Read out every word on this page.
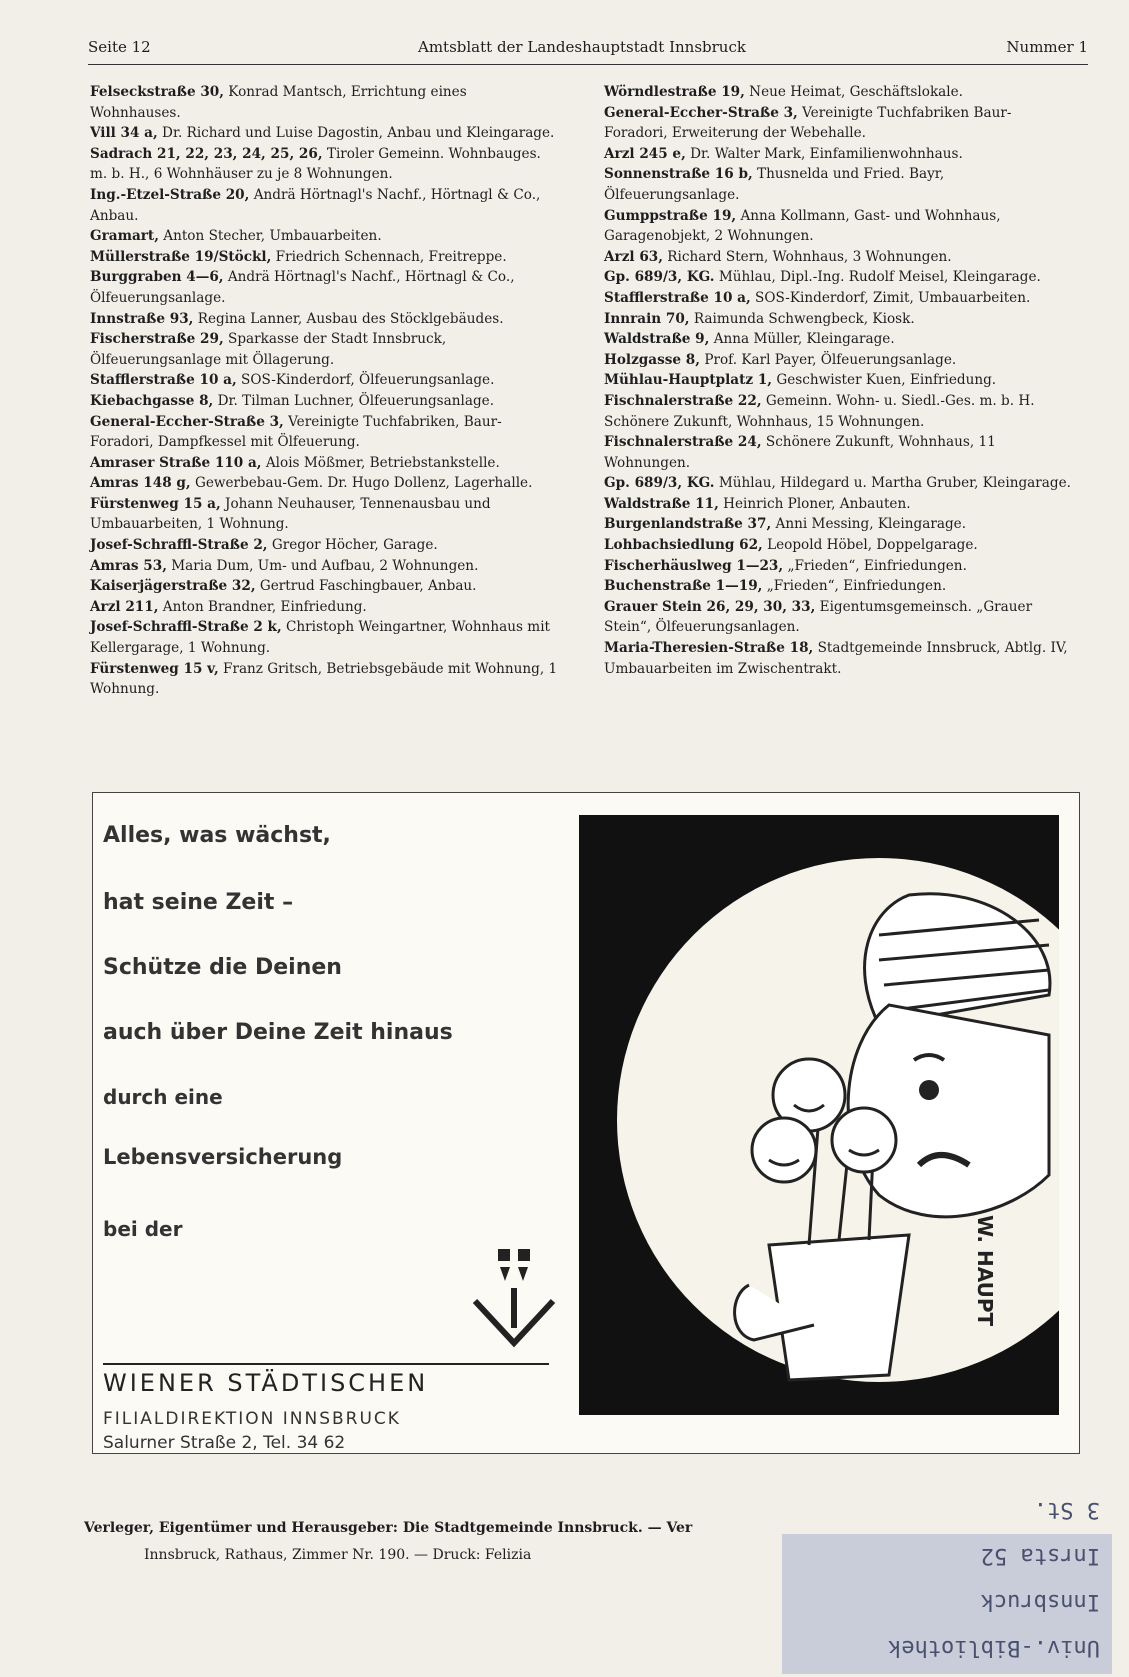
Seite 12	Amtsblatt der Landeshauptstadt Innsbruck	Nummer 1

Felseckstraße 30, Konrad Mantsch, Errichtung eines Wohnhauses.

Vill 34 a, Dr. Richard und Luise Dagostin, Anbau und Kleingarage.

Sadrach 21, 22, 23, 24, 25, 26, Tiroler Gemeinn. Wohnbauges. m. b. H., 6 Wohnhäuser zu je 8 Wohnungen.

Ing.-Etzel-Straße 20, Andrä Hörtnagl's Nachf., Hörtnagl & Co., Anbau.

Gramart, Anton Stecher, Umbauarbeiten.

Müllerstraße 19/Stöckl, Friedrich Schennach, Freitreppe.

Burggraben 4—6, Andrä Hörtnagl's Nachf., Hörtnagl & Co., Ölfeuerungsanlage.

Innstraße 93, Regina Lanner, Ausbau des Stöcklgebäudes.

Fischerstraße 29, Sparkasse der Stadt Innsbruck, Ölfeuerungsanlage mit Öllagerung.

Stafflerstraße 10 a, SOS-Kinderdorf, Ölfeuerungsanlage.

Kiebachgasse 8, Dr. Tilman Luchner, Ölfeuerungsanlage.

General-Eccher-Straße 3, Vereinigte Tuchfabriken, Baur-Foradori, Dampfkessel mit Ölfeuerung.

Amraser Straße 110 a, Alois Mößmer, Betriebstankstelle.

Amras 148 g, Gewerbebau-Gem. Dr. Hugo Dollenz, Lagerhalle.

Fürstenweg 15 a, Johann Neuhauser, Tennenausbau und Umbauarbeiten, 1 Wohnung.

Josef-Schraffl-Straße 2, Gregor Höcher, Garage.

Amras 53, Maria Dum, Um- und Aufbau, 2 Wohnungen.

Kaiserjägerstraße 32, Gertrud Faschingbauer, Anbau.

Arzl 211, Anton Brandner, Einfriedung.

Josef-Schraffl-Straße 2 k, Christoph Weingartner, Wohnhaus mit Kellergarage, 1 Wohnung.

Fürstenweg 15 v, Franz Gritsch, Betriebsgebäude mit Wohnung, 1 Wohnung.

Wörndlestraße 19, Neue Heimat, Geschäftslokale.

General-Eccher-Straße 3, Vereinigte Tuchfabriken Baur-Foradori, Erweiterung der Webehalle.

Arzl 245 e, Dr. Walter Mark, Einfamilienwohnhaus.

Sonnenstraße 16 b, Thusnelda und Fried. Bayr, Ölfeuerungsanlage.

Gumppstraße 19, Anna Kollmann, Gast- und Wohnhaus, Garagenobjekt, 2 Wohnungen.

Arzl 63, Richard Stern, Wohnhaus, 3 Wohnungen.

Gp. 689/3, KG. Mühlau, Dipl.-Ing. Rudolf Meisel, Kleingarage.

Stafflerstraße 10 a, SOS-Kinderdorf, Zimit, Umbauarbeiten.

Innrain 70, Raimunda Schwengbeck, Kiosk.

Waldstraße 9, Anna Müller, Kleingarage.

Holzgasse 8, Prof. Karl Payer, Ölfeuerungsanlage.

Mühlau-Hauptplatz 1, Geschwister Kuen, Einfriedung.

Fischnalerstraße 22, Gemeinn. Wohn- u. Siedl.-Ges. m. b. H. Schönere Zukunft, Wohnhaus, 15 Wohnungen.

Fischnalerstraße 24, Schönere Zukunft, Wohnhaus, 11 Wohnungen.

Gp. 689/3, KG. Mühlau, Hildegard u. Martha Gruber, Kleingarage.

Waldstraße 11, Heinrich Ploner, Anbauten.

Burgenlandstraße 37, Anni Messing, Kleingarage.

Lohbachsiedlung 62, Leopold Höbel, Doppelgarage.

Fischerhäuslweg 1—23, „Frieden“, Einfriedungen.

Buchenstraße 1—19, „Frieden“, Einfriedungen.

Grauer Stein 26, 29, 30, 33, Eigentumsgemeinsch. „Grauer Stein“, Ölfeuerungsanlagen.

Maria-Theresien-Straße 18, Stadtgemeinde Innsbruck, Abtlg. IV, Umbauarbeiten im Zwischentrakt.

Alles, was wächst,
hat seine Zeit –
Schütze die Deinen
auch über Deine Zeit hinaus
durch eine
Lebensversicherung
bei der
WIENER STÄDTISCHEN
FILIALDIREKTION INNSBRUCK
Salurner Straße 2, Tel. 34 62
W. HAUPT
Verleger, Eigentümer und Herausgeber: Die Stadtgemeinde Innsbruck. — Ver
Innsbruck, Rathaus, Zimmer Nr. 190. — Druck: Felizia
Univ.-Bibliothek
Innsbruck
Inrsta 52
3 St.
